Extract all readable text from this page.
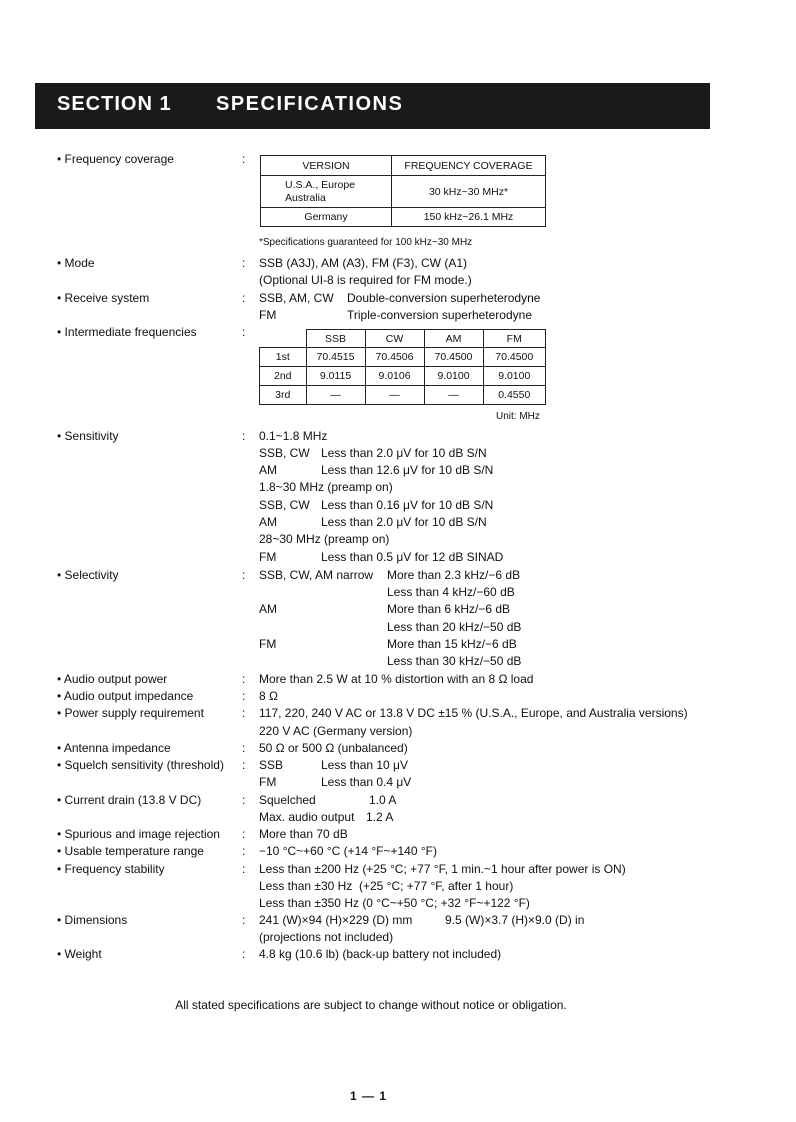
SECTION 1 SPECIFICATIONS
• Frequency coverage	:	VERSION	FREQUENCY COVERAGE
U.S.A., Europe Australia	30 kHz~30 MHz*
Germany	150 kHz~26.1 MHz
*Specifications guaranteed for 100 kHz~30 MHz
• Mode	: SSB (A3J), AM (A3), FM (F3), CW (A1)
(Optional UI-8 is required for FM mode.)
• Receive system	: SSB, AM, CW Double-conversion superheterodyne
FM	Triple-conversion superheterodyne
• Intermediate frequencies	:
		SSB	CW	AM	FM
1st	70.4515	70.4506	70.4500	70.4500
2nd	9.0115	9.0106	9.0100	9.0100
3rd	—	—	—	0.4550
Unit: MHz
• Sensitivity	: 0.1~1.8 MHz
SSB, CW Less than 2.0 μV for 10 dB S/N
AM	Less than 12.6 μV for 10 dB S/N
1.8~30 MHz (preamp on)
SSB, CW Less than 0.16 μV for 10 dB S/N
AM	Less than 2.0 μV for 10 dB S/N
28~30 MHz (preamp on)
FM	Less than 0.5 μV for 12 dB SINAD
• Selectivity	: SSB, CW, AM narrow More than 2.3 kHz/−6 dB
Less than 4 kHz/−60 dB
AM	More than 6 kHz/−6 dB
Less than 20 kHz/−50 dB
FM	More than 15 kHz/−6 dB
Less than 30 kHz/−50 dB
• Audio output power	: More than 2.5 W at 10 % distortion with an 8 Ω load
• Audio output impedance	: 8 Ω
• Power supply requirement	: 117, 220, 240 V AC or 13.8 V DC ±15 % (U.S.A., Europe, and Australia versions)
220 V AC (Germany version)
• Antenna impedance	: 50 Ω or 500 Ω (unbalanced)
• Squelch sensitivity (threshold) : SSB	Less than 10 μV
FM	Less than 0.4 μV
• Current drain (13.8 V DC)	: Squelched	1.0 A
Max. audio output 1.2 A
• Spurious and image rejection : More than 70 dB
• Usable temperature range	: −10 °C~+60 °C (+14 °F~+140 °F)
• Frequency stability	: Less than ±200 Hz (+25 °C; +77 °F, 1 min.~1 hour after power is ON)
Less than ±30 Hz  (+25 °C; +77 °F, after 1 hour)
Less than ±350 Hz (0 °C~+50 °C; +32 °F~+122 °F)
• Dimensions	: 241 (W)×94 (H)×229 (D) mm	9.5 (W)×3.7 (H)×9.0 (D) in
(projections not included)
• Weight	: 4.8 kg (10.6 lb) (back-up battery not included)
All stated specifications are subject to change without notice or obligation.
1 — 1
